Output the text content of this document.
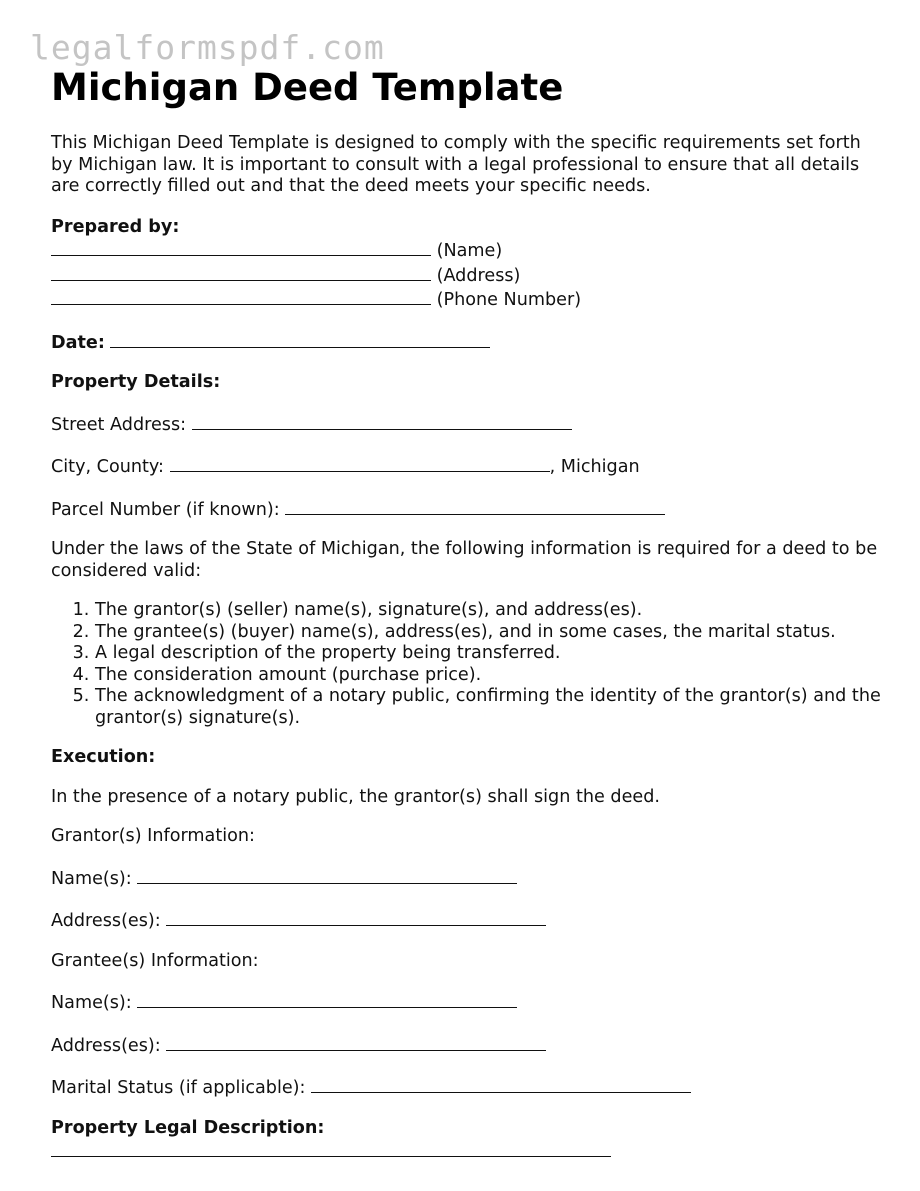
legalformspdf.com
Michigan Deed Template

This Michigan Deed Template is designed to comply with the specific requirements set forth by Michigan law. It is important to consult with a legal professional to ensure that all details are correctly filled out and that the deed meets your specific needs.

Prepared by:

(Name)

(Address)

(Phone Number)

Date:

Property Details:

Street Address:

City, County:	, Michigan

Parcel Number (if known):

Under the laws of the State of Michigan, the following information is required for a deed to be considered valid:

1. The grantor(s) (seller) name(s), signature(s), and address(es).
2. The grantee(s) (buyer) name(s), address(es), and in some cases, the marital status.
3. A legal description of the property being transferred.
4. The consideration amount (purchase price).
5. The acknowledgment of a notary public, confirming the identity of the grantor(s) and the grantor(s) signature(s).

Execution:

In the presence of a notary public, the grantor(s) shall sign the deed.

Grantor(s) Information:

Name(s):

Address(es):

Grantee(s) Information:

Name(s):

Address(es):

Marital Status (if applicable):

Property Legal Description:
